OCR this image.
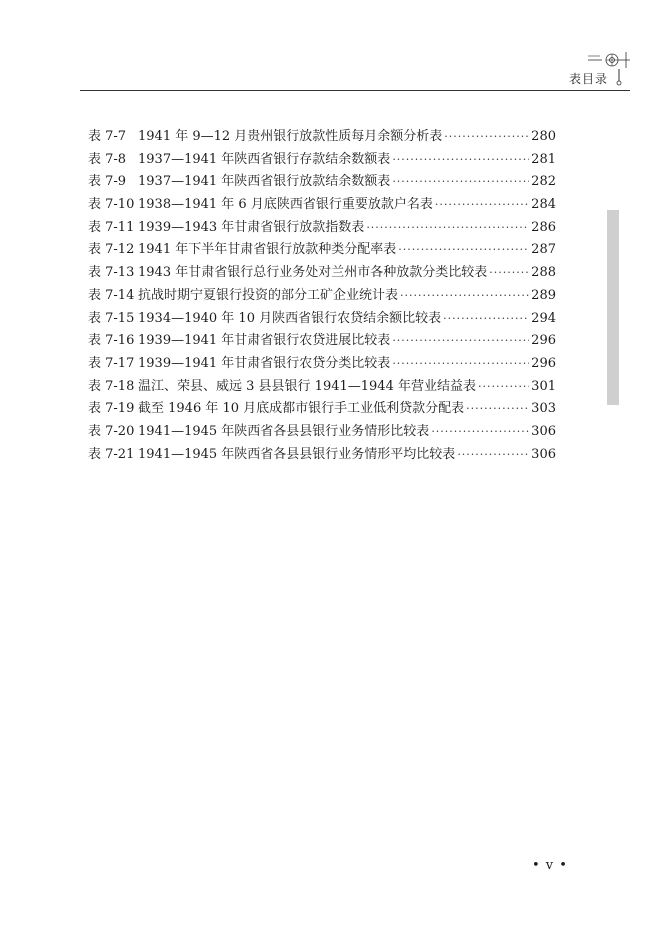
表目录
表 7-7 1941 年 9—12 月贵州银行放款性质每月余额分析表 ·····	280
表 7-8 1937—1941 年陕西省银行存款结余数额表 ·····	281
表 7-9 1937—1941 年陕西省银行放款结余数额表 ·····	282
表 7-10 1938—1941 年 6 月底陕西省银行重要放款户名表 ·····	284
表 7-11 1939—1943 年甘肃省银行放款指数表 ·····	286
表 7-12 1941 年下半年甘肃省银行放款种类分配率表 ·····	287
表 7-13 1943 年甘肃省银行总行业务处对兰州市各种放款分类比较表 ·····	288
表 7-14 抗战时期宁夏银行投资的部分工矿企业统计表 ·····	289
表 7-15 1934—1940 年 10 月陕西省银行农贷结余额比较表 ·····	294
表 7-16 1939—1941 年甘肃省银行农贷进展比较表 ·····	296
表 7-17 1939—1941 年甘肃省银行农贷分类比较表 ·····	296
表 7-18 温江、荣县、威远 3 县县银行 1941—1944 年营业结益表 ·····	301
表 7-19 截至 1946 年 10 月底成都市银行手工业低利贷款分配表 ·····	303
表 7-20 1941—1945 年陕西省各县县银行业务情形比较表 ·····	306
表 7-21 1941—1945 年陕西省各县县银行业务情形平均比较表 ·····	306
• v •
